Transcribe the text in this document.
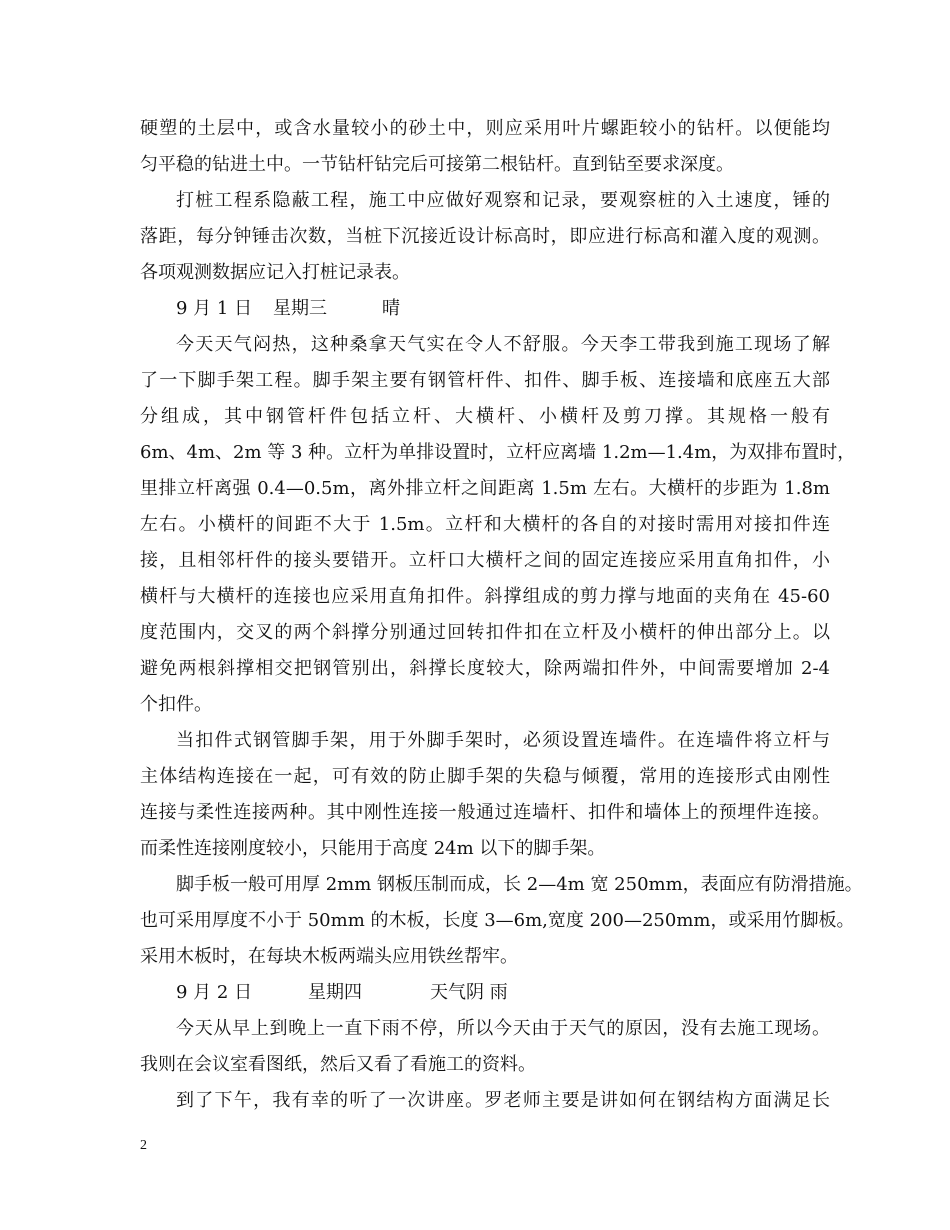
硬塑的土层中，或含水量较小的砂土中，则应采用叶片螺距较小的钻杆。以便能均
匀平稳的钻进土中。一节钻杆钻完后可接第二根钻杆。直到钻至要求深度。
打桩工程系隐蔽工程，施工中应做好观察和记录，要观察桩的入土速度，锤的
落距，每分钟锤击次数，当桩下沉接近设计标高时，即应进行标高和灌入度的观测。
各项观测数据应记入打桩记录表。
9 月 1 日 星期三	晴
今天天气闷热，这种桑拿天气实在令人不舒服。今天李工带我到施工现场了解
了一下脚手架工程。脚手架主要有钢管杆件、扣件、脚手板、连接墙和底座五大部
分组成，其中钢管杆件包括立杆、大横杆、小横杆及剪刀撑。其规格一般有
6m、4m、2m 等 3 种。立杆为单排设置时，立杆应离墙 1.2m—1.4m，为双排布置时，
里排立杆离强 0.4—0.5m，离外排立杆之间距离 1.5m 左右。大横杆的步距为 1.8m
左右。小横杆的间距不大于 1.5m。立杆和大横杆的各自的对接时需用对接扣件连
接，且相邻杆件的接头要错开。立杆口大横杆之间的固定连接应采用直角扣件，小
横杆与大横杆的连接也应采用直角扣件。斜撑组成的剪力撑与地面的夹角在 45-60
度范围内，交叉的两个斜撑分别通过回转扣件扣在立杆及小横杆的伸出部分上。以
避免两根斜撑相交把钢管别出，斜撑长度较大，除两端扣件外，中间需要增加 2-4
个扣件。
当扣件式钢管脚手架，用于外脚手架时，必须设置连墙件。在连墙件将立杆与
主体结构连接在一起，可有效的防止脚手架的失稳与倾覆，常用的连接形式由刚性
连接与柔性连接两种。其中刚性连接一般通过连墙杆、扣件和墙体上的预埋件连接。
而柔性连接刚度较小，只能用于高度 24m 以下的脚手架。
脚手板一般可用厚 2mm 钢板压制而成，长 2—4m 宽 250mm，表面应有防滑措施。
也可采用厚度不小于 50mm 的木板，长度 3—6m,宽度 200—250mm，或采用竹脚板。
采用木板时，在每块木板两端头应用铁丝帮牢。
9 月 2 日	星期四	天气阴 雨
今天从早上到晚上一直下雨不停，所以今天由于天气的原因，没有去施工现场。
我则在会议室看图纸，然后又看了看施工的资料。
到了下午，我有幸的听了一次讲座。罗老师主要是讲如何在钢结构方面满足长
2
